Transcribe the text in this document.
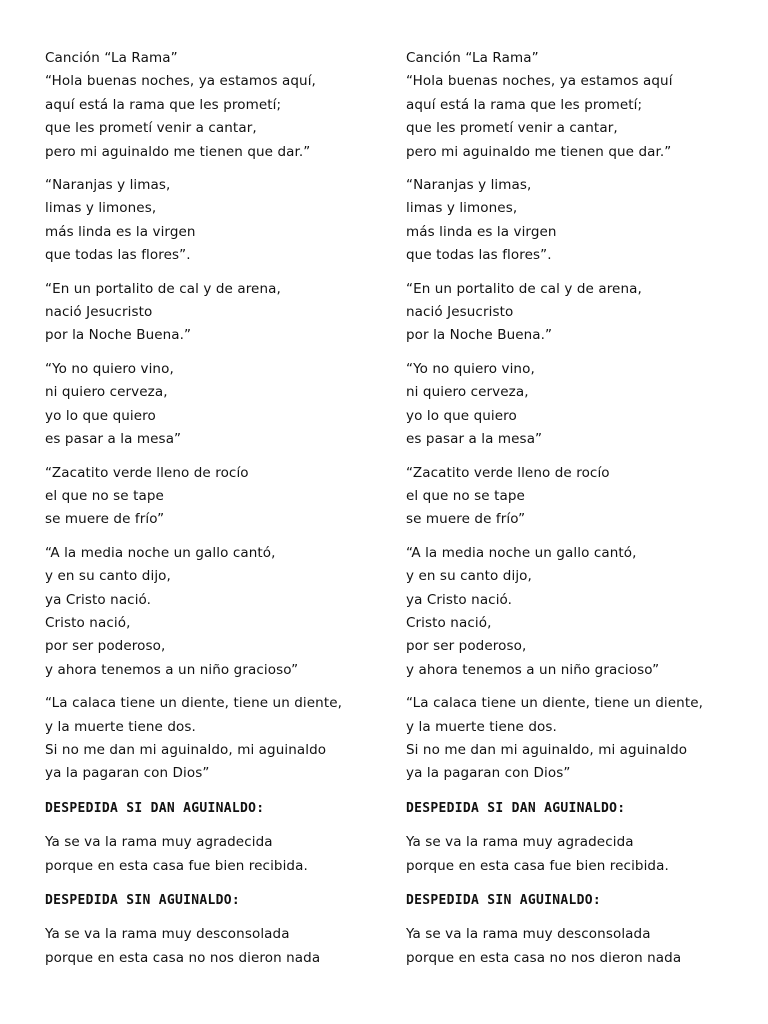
Canción “La Rama”
“Hola buenas noches, ya estamos aquí,
aquí está la rama que les prometí;
que les prometí venir a cantar,
pero mi aguinaldo me tienen que dar.”
“Naranjas y limas,
limas y limones,
más linda es la virgen
que todas las flores”.
“En un portalito de cal y de arena,
nació Jesucristo
por la Noche Buena.”
“Yo no quiero vino,
ni quiero cerveza,
yo lo que quiero
es pasar a la mesa”
“Zacatito verde lleno de rocío
el que no se tape
se muere de frío”
“A la media noche un gallo cantó,
y en su canto dijo,
ya Cristo nació.
Cristo nació,
por ser poderoso,
y ahora tenemos a un niño gracioso”
“La calaca tiene un diente, tiene un diente,
y la muerte tiene dos.
Si no me dan mi aguinaldo, mi aguinaldo
ya la pagaran con Dios”
DESPEDIDA SI DAN AGUINALDO:
Ya se va la rama muy agradecida
porque en esta casa fue bien recibida.
DESPEDIDA SIN AGUINALDO:
Ya se va la rama muy desconsolada
porque en esta casa no nos dieron nada
Canción “La Rama”
“Hola buenas noches, ya estamos aquí
aquí está la rama que les prometí;
que les prometí venir a cantar,
pero mi aguinaldo me tienen que dar.”
“Naranjas y limas,
limas y limones,
más linda es la virgen
que todas las flores”.
“En un portalito de cal y de arena,
nació Jesucristo
por la Noche Buena.”
“Yo no quiero vino,
ni quiero cerveza,
yo lo que quiero
es pasar a la mesa”
“Zacatito verde lleno de rocío
el que no se tape
se muere de frío”
“A la media noche un gallo cantó,
y en su canto dijo,
ya Cristo nació.
Cristo nació,
por ser poderoso,
y ahora tenemos a un niño gracioso”
“La calaca tiene un diente, tiene un diente,
y la muerte tiene dos.
Si no me dan mi aguinaldo, mi aguinaldo
ya la pagaran con Dios”
DESPEDIDA SI DAN AGUINALDO:
Ya se va la rama muy agradecida
porque en esta casa fue bien recibida.
DESPEDIDA SIN AGUINALDO:
Ya se va la rama muy desconsolada
porque en esta casa no nos dieron nada
